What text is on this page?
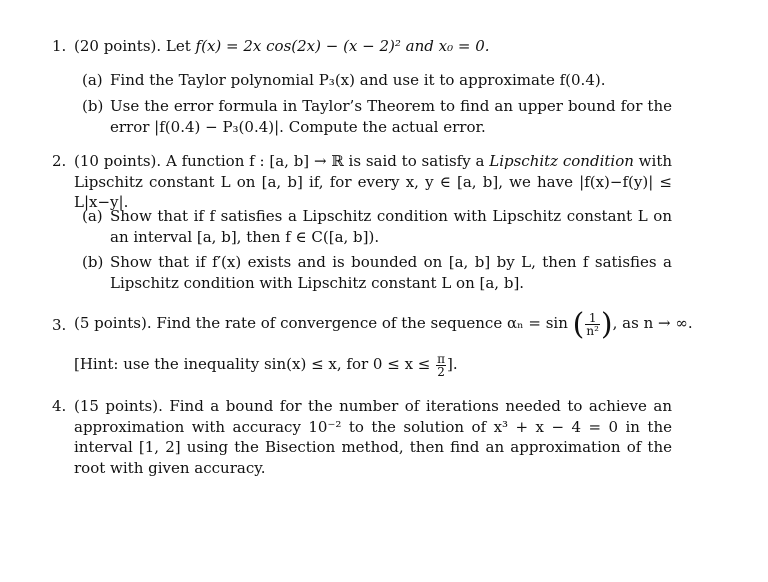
1. (20 points). Let f(x) = 2x cos(2x) − (x − 2)² and x₀ = 0.
(a) Find the Taylor polynomial P₃(x) and use it to approximate f(0.4).
(b) Use the error formula in Taylor’s Theorem to find an upper bound for the error |f(0.4) − P₃(0.4)|. Compute the actual error.
2. (10 points). A function f : [a, b] → ℝ is said to satisfy a Lipschitz condition with Lipschitz constant L on [a, b] if, for every x, y ∈ [a, b], we have |f(x)−f(y)| ≤ L|x−y|.
(a) Show that if f satisfies a Lipschitz condition with Lipschitz constant L on an interval [a, b], then f ∈ C([a, b]).
(b) Show that if f′(x) exists and is bounded on [a, b] by L, then f satisfies a Lipschitz condition with Lipschitz constant L on [a, b].
3. (5 points). Find the rate of convergence of the sequence αₙ = sin ( $\frac{1}{\text{n²}}$ ), as n → ∞.
[Hint: use the inequality sin(x) ≤ x, for $0 \le x \le \frac{\pi}{2}$ ].
4. (15 points). Find a bound for the number of iterations needed to achieve an approximation with accuracy 10⁻² to the solution of x³ + x − 4 = 0 in the interval [1, 2] using the Bisection method, then find an approximation of the root with given accuracy.
